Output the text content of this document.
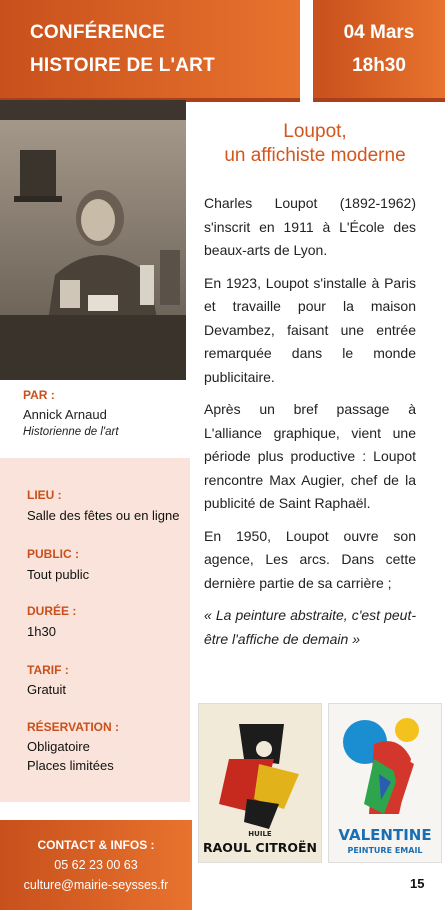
CONFÉRENCE
HISTOIRE DE L'ART
04 Mars
18h30
PAR :
Annick Arnaud
Historienne de l'art
LIEU :
Salle des fêtes ou en ligne
PUBLIC :
Tout public
DURÉE :
1h30
TARIF :
Gratuit
RÉSERVATION :
Obligatoire
Places limitées
CONTACT & INFOS :
05 62 23 00 63
culture@mairie-seysses.fr
Loupot,
un affichiste moderne

Charles Loupot (1892-1962) s'inscrit en 1911 à L'École des beaux-arts de Lyon.

En 1923, Loupot s'installe à Paris et travaille pour la maison Devambez, faisant une entrée remarquée dans le monde publicitaire.

Après un bref passage à L'alliance graphique, vient une période plus productive : Loupot rencontre Max Augier, chef de la publicité de Saint Raphaël.

En 1950, Loupot ouvre son agence, Les arcs. Dans cette dernière partie de sa carrière ;

« La peinture abstraite, c'est peut-être l'affiche de demain »

HUILE
RAOUL CITROËN
VALENTINE
PEINTURE EMAIL
15
